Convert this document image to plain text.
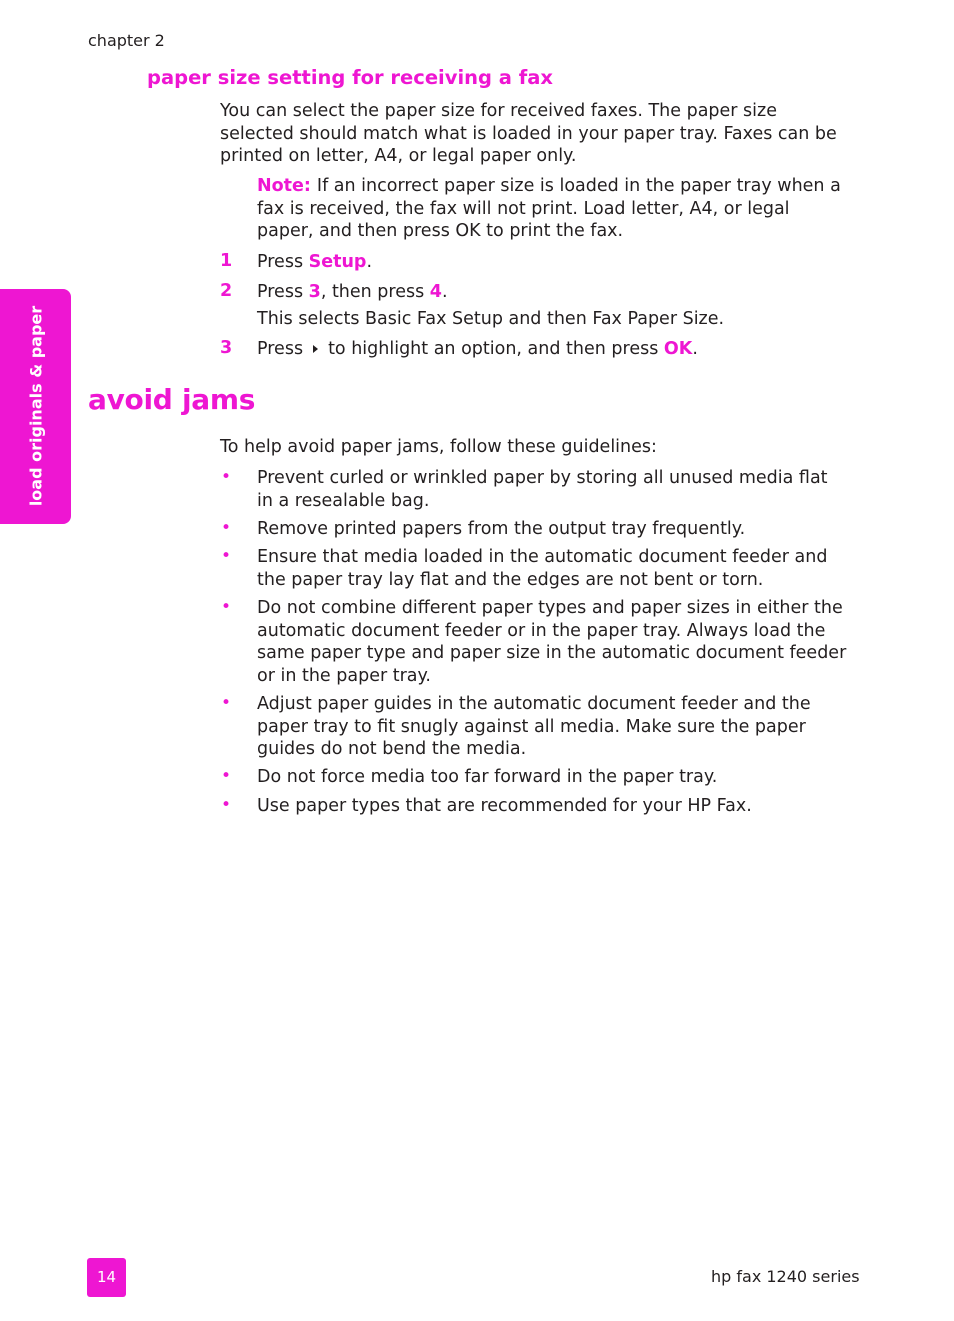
chapter 2
paper size setting for receiving a fax
You can select the paper size for received faxes. The paper size selected should match what is loaded in your paper tray. Faxes can be printed on letter, A4, or legal paper only.
Note: If an incorrect paper size is loaded in the paper tray when a fax is received, the fax will not print. Load letter, A4, or legal paper, and then press OK to print the fax.
1 Press Setup.
2 Press 3, then press 4.
This selects Basic Fax Setup and then Fax Paper Size.
3 Press to highlight an option, and then press OK.
avoid jams
To help avoid paper jams, follow these guidelines:
• Prevent curled or wrinkled paper by storing all unused media flat in a resealable bag.
• Remove printed papers from the output tray frequently.
• Ensure that media loaded in the automatic document feeder and the paper tray lay flat and the edges are not bent or torn.
• Do not combine different paper types and paper sizes in either the automatic document feeder or in the paper tray. Always load the same paper type and paper size in the automatic document feeder or in the paper tray.
• Adjust paper guides in the automatic document feeder and the paper tray to fit snugly against all media. Make sure the paper guides do not bend the media.
• Do not force media too far forward in the paper tray.
• Use paper types that are recommended for your HP Fax.
load originals & paper
14	hp fax 1240 series
